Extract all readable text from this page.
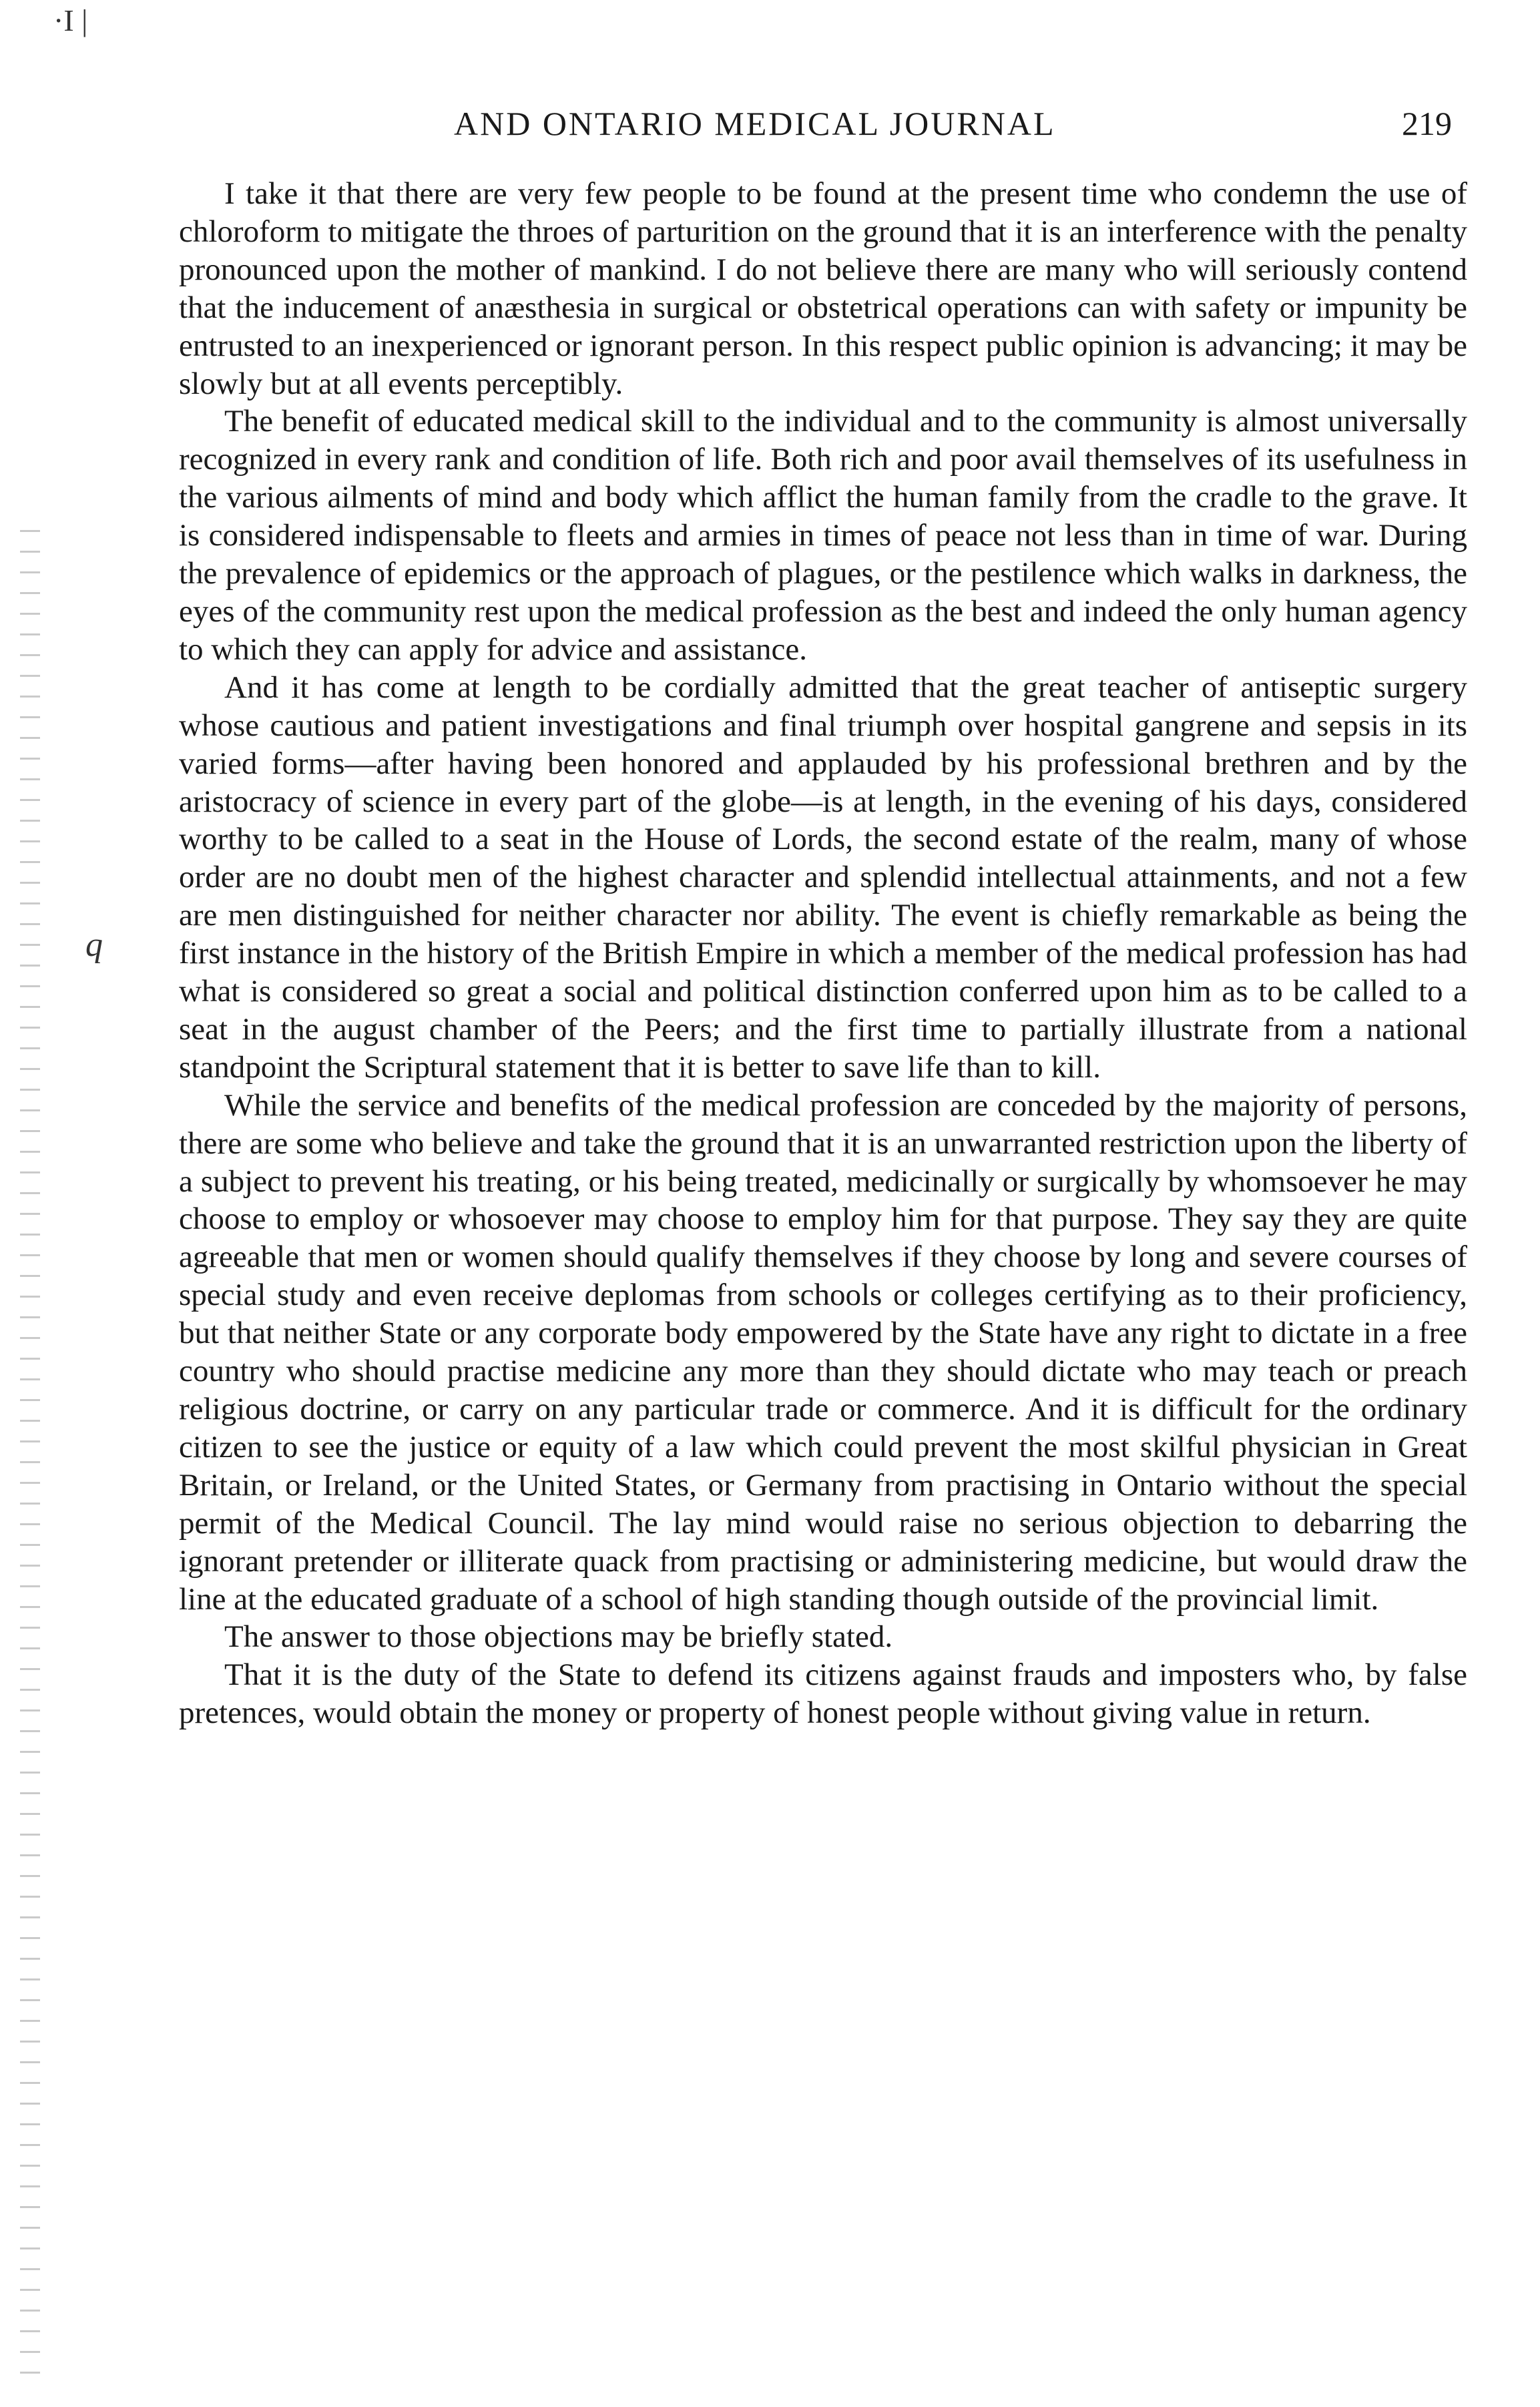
·I |
q
AND ONTARIO MEDICAL JOURNAL	219

I take it that there are very few people to be found at the present time who condemn the use of chloroform to mitigate the throes of parturition on the ground that it is an interference with the penalty pronounced upon the mother of mankind. I do not believe there are many who will seriously contend that the inducement of anæsthesia in surgical or obstetrical operations can with safety or impunity be entrusted to an inexperienced or ignorant person. In this respect public opinion is advancing; it may be slowly but at all events perceptibly.

The benefit of educated medical skill to the individual and to the community is almost universally recognized in every rank and condition of life. Both rich and poor avail themselves of its usefulness in the various ailments of mind and body which afflict the human family from the cradle to the grave. It is considered indispensable to fleets and armies in times of peace not less than in time of war. During the prevalence of epidemics or the approach of plagues, or the pestilence which walks in darkness, the eyes of the community rest upon the medical profession as the best and indeed the only human agency to which they can apply for advice and assistance.

And it has come at length to be cordially admitted that the great teacher of antiseptic surgery whose cautious and patient investigations and final triumph over hospital gangrene and sepsis in its varied forms—after having been honored and applauded by his professional brethren and by the aristocracy of science in every part of the globe—is at length, in the evening of his days, considered worthy to be called to a seat in the House of Lords, the second estate of the realm, many of whose order are no doubt men of the highest character and splendid intellectual attainments, and not a few are men distinguished for neither character nor ability. The event is chiefly remarkable as being the first instance in the history of the British Empire in which a member of the medical profession has had what is considered so great a social and political distinction conferred upon him as to be called to a seat in the august chamber of the Peers; and the first time to partially illustrate from a national standpoint the Scriptural statement that it is better to save life than to kill.

While the service and benefits of the medical profession are conceded by the majority of persons, there are some who believe and take the ground that it is an unwarranted restriction upon the liberty of a subject to prevent his treating, or his being treated, medicinally or surgically by whomsoever he may choose to employ or whosoever may choose to employ him for that purpose. They say they are quite agreeable that men or women should qualify themselves if they choose by long and severe courses of special study and even receive deplomas from schools or colleges certifying as to their proficiency, but that neither State or any corporate body empowered by the State have any right to dictate in a free country who should practise medicine any more than they should dictate who may teach or preach religious doctrine, or carry on any particular trade or commerce. And it is difficult for the ordinary citizen to see the justice or equity of a law which could prevent the most skilful physician in Great Britain, or Ireland, or the United States, or Germany from practising in Ontario without the special permit of the Medical Council. The lay mind would raise no serious objection to debarring the ignorant pretender or illiterate quack from practising or administering medicine, but would draw the line at the educated graduate of a school of high standing though outside of the provincial limit.

The answer to those objections may be briefly stated.

That it is the duty of the State to defend its citizens against frauds and imposters who, by false pretences, would obtain the money or property of honest people without giving value in return.
